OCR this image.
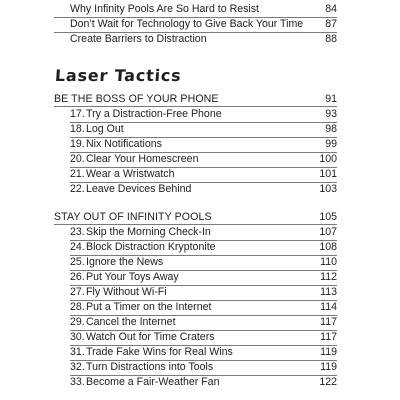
Why Infinity Pools Are So Hard to Resist	84
Don’t Wait for Technology to Give Back Your Time 87
Create Barriers to Distraction	88
Laser Tactics
BE THE BOSS OF YOUR PHONE	91
17. Try a Distraction-Free Phone	93
18. Log Out	98
19. Nix Notifications	99
20. Clear Your Homescreen	100
21. Wear a Wristwatch	101
22. Leave Devices Behind	103
STAY OUT OF INFINITY POOLS	105
23. Skip the Morning Check-In	107
24. Block Distraction Kryptonite	108
25. Ignore the News	110
26. Put Your Toys Away	112
27. Fly Without Wi-Fi	113
28. Put a Timer on the Internet	114
29. Cancel the Internet	117
30. Watch Out for Time Craters	117
31. Trade Fake Wins for Real Wins	119
32. Turn Distractions into Tools	119
33. Become a Fair-Weather Fan	122
